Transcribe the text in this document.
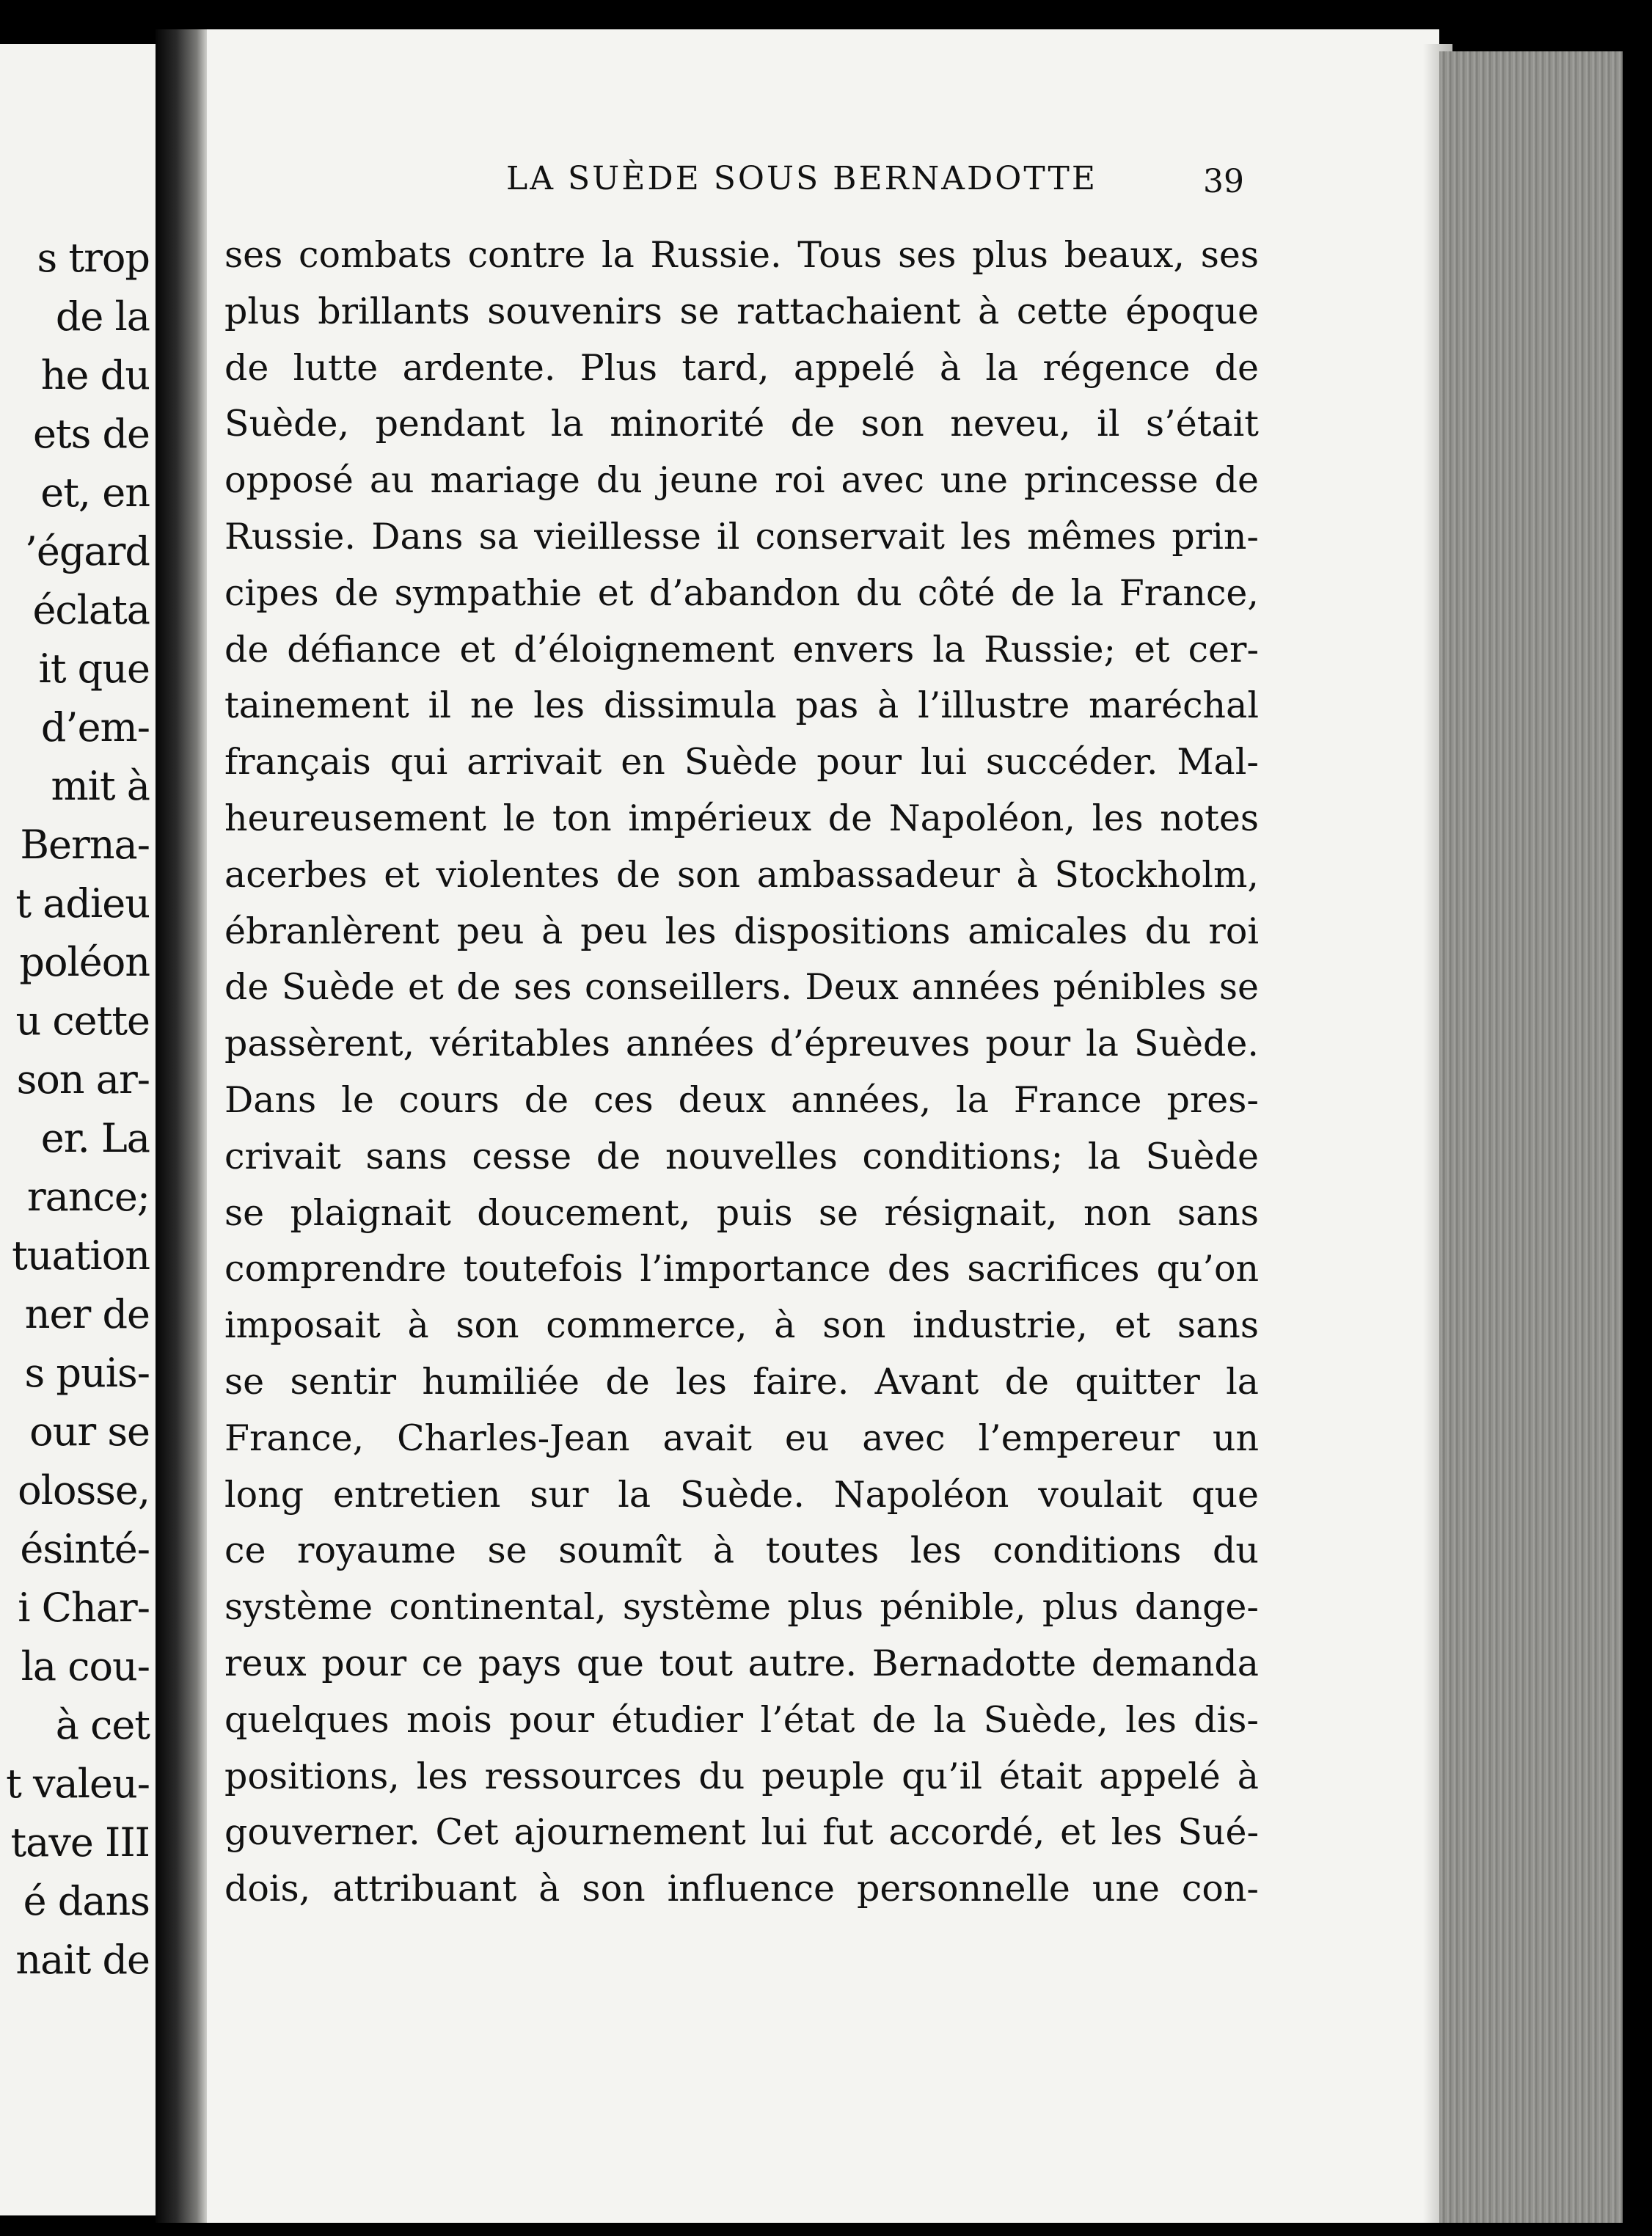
s trop
de la
he du
ets de
et, en
’égard
éclata
it que
d’em-
mit à
Berna-
t adieu
poléon
u cette
son ar-
er. La
rance;
tuation
ner de
s puis-
our se
olosse,
ésinté-
i Char-
la cou-
à cet
t valeu-
tave III
é dans
nait de
LA SUÈDE SOUS BERNADOTTE	39
ses combats contre la Russie. Tous ses plus beaux, ses
plus brillants souvenirs se rattachaient à cette époque
de lutte ardente. Plus tard, appelé à la régence de
Suède, pendant la minorité de son neveu, il s’était
opposé au mariage du jeune roi avec une princesse de
Russie. Dans sa vieillesse il conservait les mêmes prin-
cipes de sympathie et d’abandon du côté de la France,
de défiance et d’éloignement envers la Russie; et cer-
tainement il ne les dissimula pas à l’illustre maréchal
français qui arrivait en Suède pour lui succéder. Mal-
heureusement le ton impérieux de Napoléon, les notes
acerbes et violentes de son ambassadeur à Stockholm,
ébranlèrent peu à peu les dispositions amicales du roi
de Suède et de ses conseillers. Deux années pénibles se
passèrent, véritables années d’épreuves pour la Suède.
Dans le cours de ces deux années, la France pres-
crivait sans cesse de nouvelles conditions; la Suède
se plaignait doucement, puis se résignait, non sans
comprendre toutefois l’importance des sacrifices qu’on
imposait à son commerce, à son industrie, et sans
se sentir humiliée de les faire. Avant de quitter la
France, Charles-Jean avait eu avec l’empereur un
long entretien sur la Suède. Napoléon voulait que
ce royaume se soumît à toutes les conditions du
système continental, système plus pénible, plus dange-
reux pour ce pays que tout autre. Bernadotte demanda
quelques mois pour étudier l’état de la Suède, les dis-
positions, les ressources du peuple qu’il était appelé à
gouverner. Cet ajournement lui fut accordé, et les Sué-
dois, attribuant à son influence personnelle une con-
